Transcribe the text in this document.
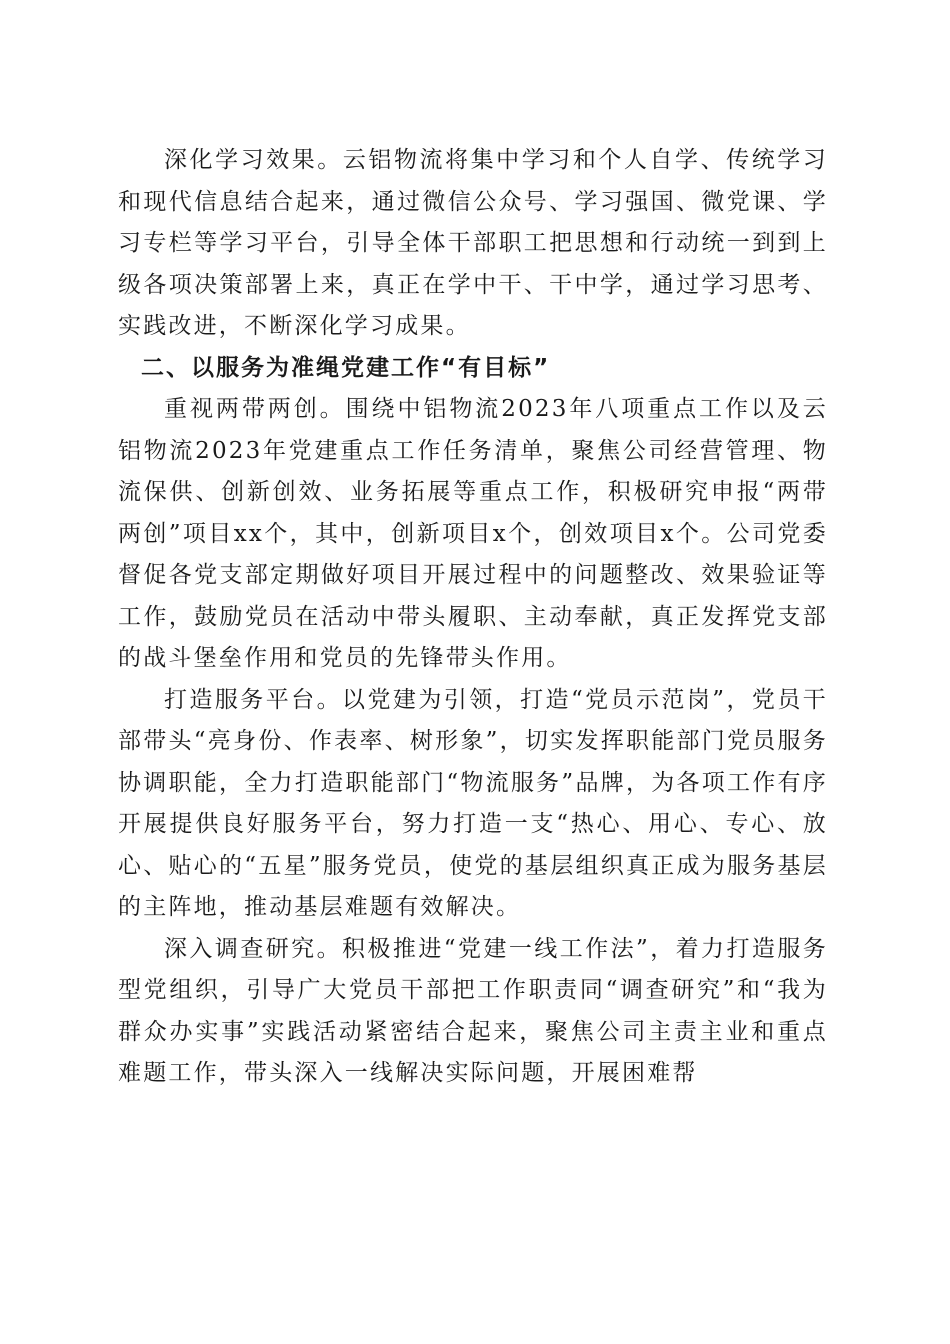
深化学习效果。云铝物流将集中学习和个人自学、传统学习和现代信息结合起来，通过微信公众号、学习强国、微党课、学习专栏等学习平台，引导全体干部职工把思想和行动统一到到上级各项决策部署上来，真正在学中干、干中学，通过学习思考、实践改进，不断深化学习成果。

二、以服务为准绳党建工作“有目标”

重视两带两创。围绕中铝物流2023年八项重点工作以及云铝物流2023年党建重点工作任务清单，聚焦公司经营管理、物流保供、创新创效、业务拓展等重点工作，积极研究申报“两带两创”项目xx个，其中，创新项目x个，创效项目x个。公司党委督促各党支部定期做好项目开展过程中的问题整改、效果验证等工作，鼓励党员在活动中带头履职、主动奉献，真正发挥党支部的战斗堡垒作用和党员的先锋带头作用。

打造服务平台。以党建为引领，打造“党员示范岗”，党员干部带头“亮身份、作表率、树形象”，切实发挥职能部门党员服务协调职能，全力打造职能部门“物流服务”品牌，为各项工作有序开展提供良好服务平台，努力打造一支“热心、用心、专心、放心、贴心的“五星”服务党员，使党的基层组织真正成为服务基层的主阵地，推动基层难题有效解决。

深入调查研究。积极推进“党建一线工作法”，着力打造服务型党组织，引导广大党员干部把工作职责同“调查研究”和“我为群众办实事”实践活动紧密结合起来，聚焦公司主责主业和重点难题工作，带头深入一线解决实际问题，开展困难帮
